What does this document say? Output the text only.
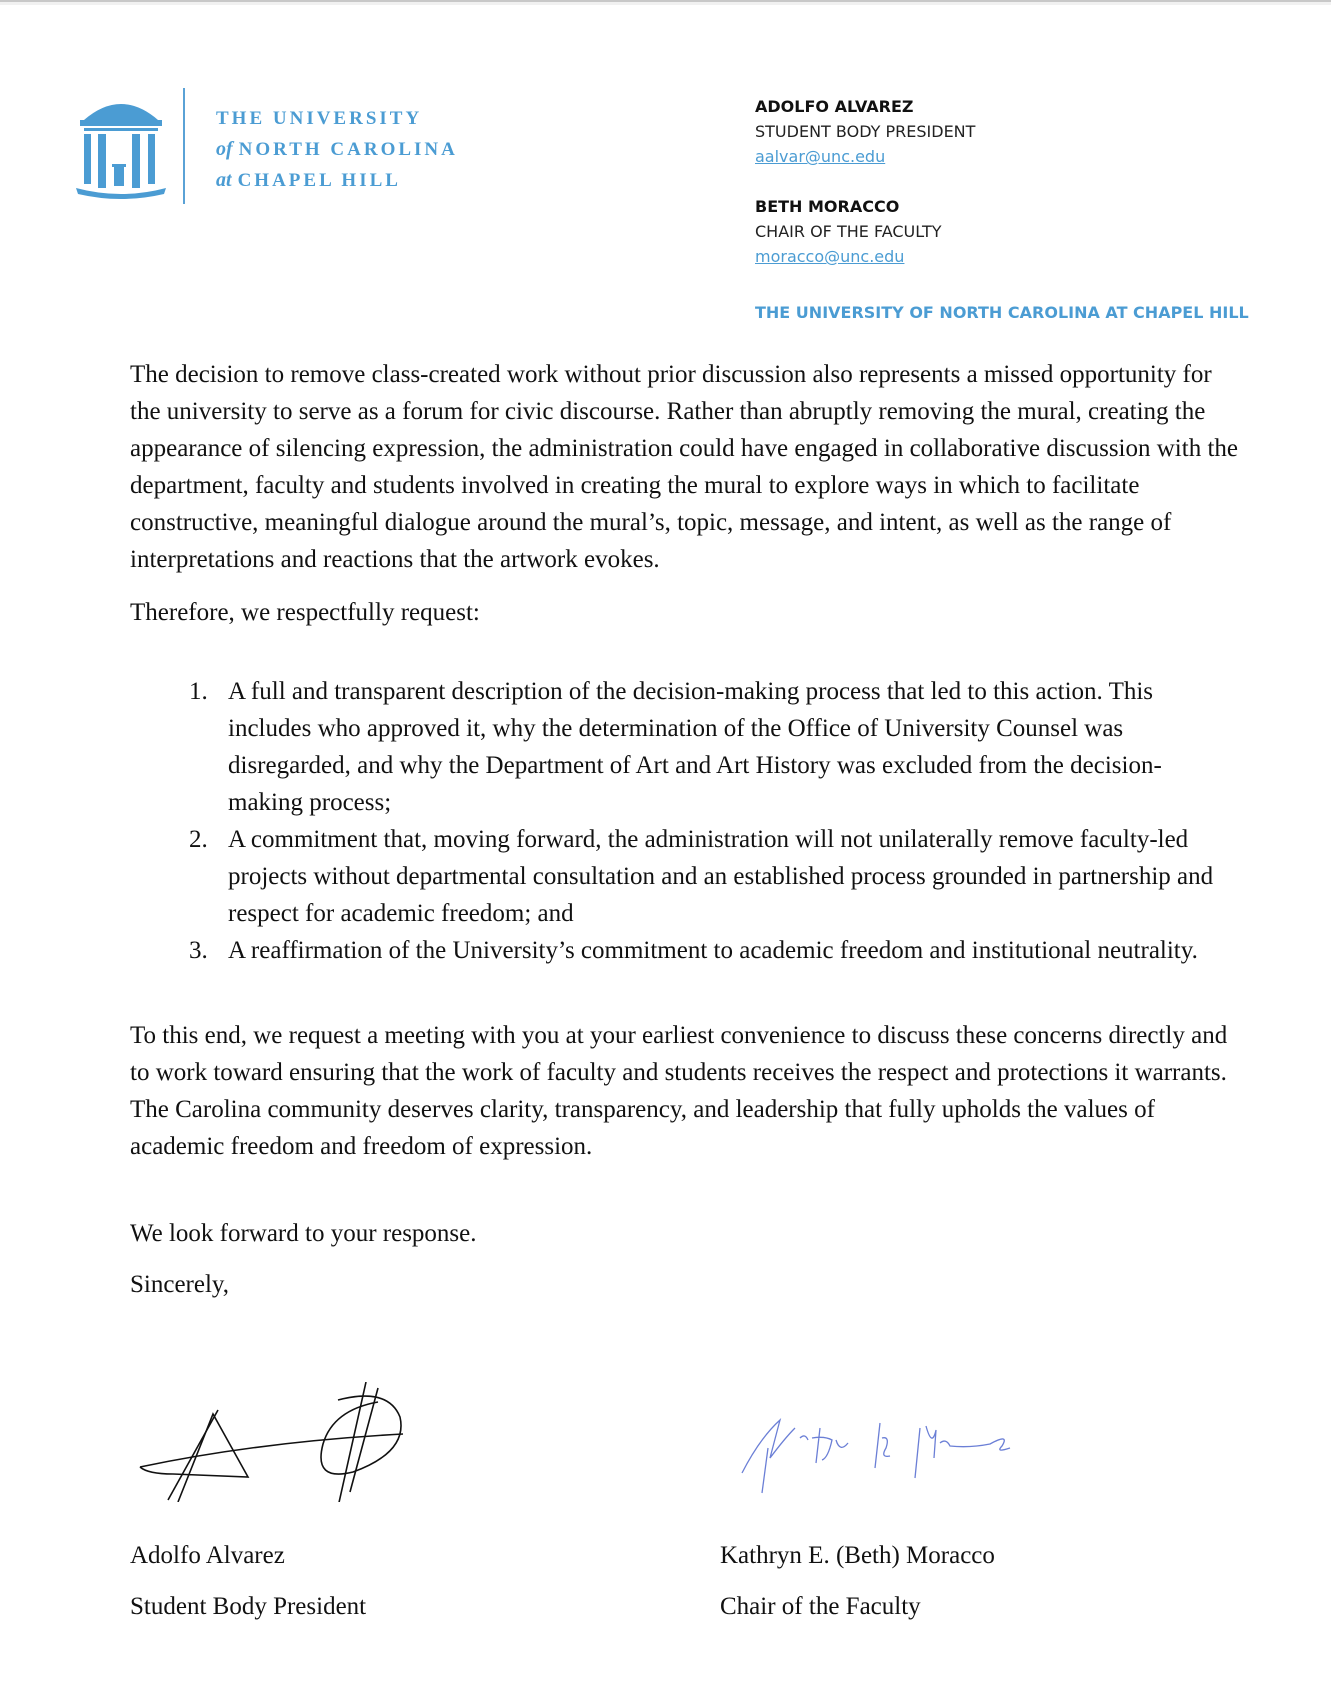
THE UNIVERSITY
of NORTH CAROLINA
at CHAPEL HILL
ADOLFO ALVAREZ
STUDENT BODY PRESIDENT
aalvar@unc.edu
BETH MORACCO
CHAIR OF THE FACULTY
moracco@unc.edu
THE UNIVERSITY OF NORTH CAROLINA AT CHAPEL HILL

The decision to remove class-created work without prior discussion also represents a missed opportunity for the university to serve as a forum for civic discourse. Rather than abruptly removing the mural, creating the appearance of silencing expression, the administration could have engaged in collaborative discussion with the department, faculty and students involved in creating the mural to explore ways in which to facilitate constructive, meaningful dialogue around the mural’s, topic, message, and intent, as well as the range of interpretations and reactions that the artwork evokes.

Therefore, we respectfully request:

1. A full and transparent description of the decision-making process that led to this action. This includes who approved it, why the determination of the Office of University Counsel was disregarded, and why the Department of Art and Art History was excluded from the decision-making process;
2. A commitment that, moving forward, the administration will not unilaterally remove faculty-led projects without departmental consultation and an established process grounded in partnership and respect for academic freedom; and
3. A reaffirmation of the University’s commitment to academic freedom and institutional neutrality.

To this end, we request a meeting with you at your earliest convenience to discuss these concerns directly and to work toward ensuring that the work of faculty and students receives the respect and protections it warrants. The Carolina community deserves clarity, transparency, and leadership that fully upholds the values of academic freedom and freedom of expression.

We look forward to your response.

Sincerely,

Adolfo Alvarez
Student Body President
Kathryn E. (Beth) Moracco
Chair of the Faculty
